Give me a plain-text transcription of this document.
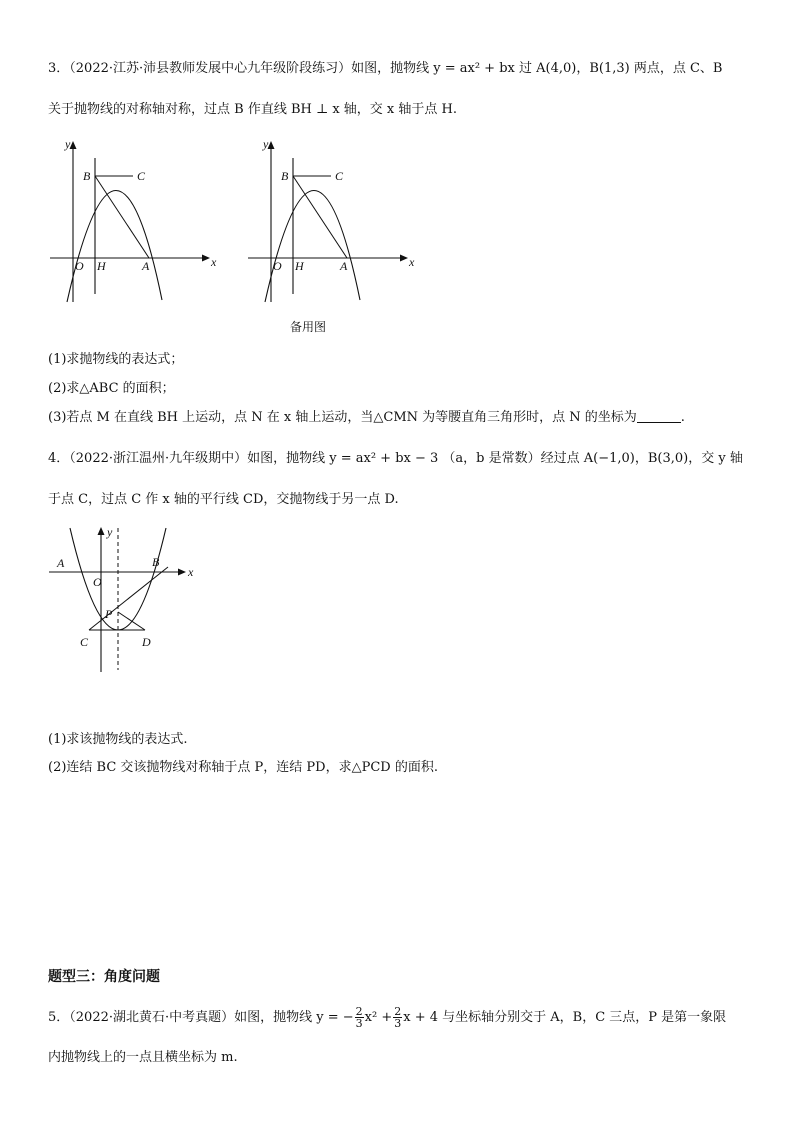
3．（2022·江苏·沛县教师发展中心九年级阶段练习）如图，抛物线 y = ax² + bx 过 A(4,0)，B(1,3) 两点，点 C、B
关于抛物线的对称轴对称，过点 B 作直线 BH ⊥ x 轴，交 x 轴于点 H.
y
x
O H	A
B	C
y
x
O H	A
B	C
备用图
(1)求抛物线的表达式；
(2)求△ABC 的面积；
(3)若点 M 在直线 BH 上运动，点 N 在 x 轴上运动，当△CMN 为等腰直角三角形时，点 N 的坐标为	.
4．（2022·浙江温州·九年级期中）如图，抛物线 y = ax² + bx − 3 （a，b 是常数）经过点 A(−1,0)，B(3,0)，交 y 轴
于点 C，过点 C 作 x 轴的平行线 CD，交抛物线于另一点 D.
A	B
y
x
O
P
C	D
(1)求该抛物线的表达式.
(2)连结 BC 交该抛物线对称轴于点 P，连结 PD，求△PCD 的面积.
题型三：角度问题
5．（2022·湖北黄石·中考真题）如图，抛物线 y = − $\frac{2}{3} x^2 + \frac{2}{3}$ x + 4 与坐标轴分别交于 A，B，C 三点，P 是第一象限
内抛物线上的一点且横坐标为 m.
